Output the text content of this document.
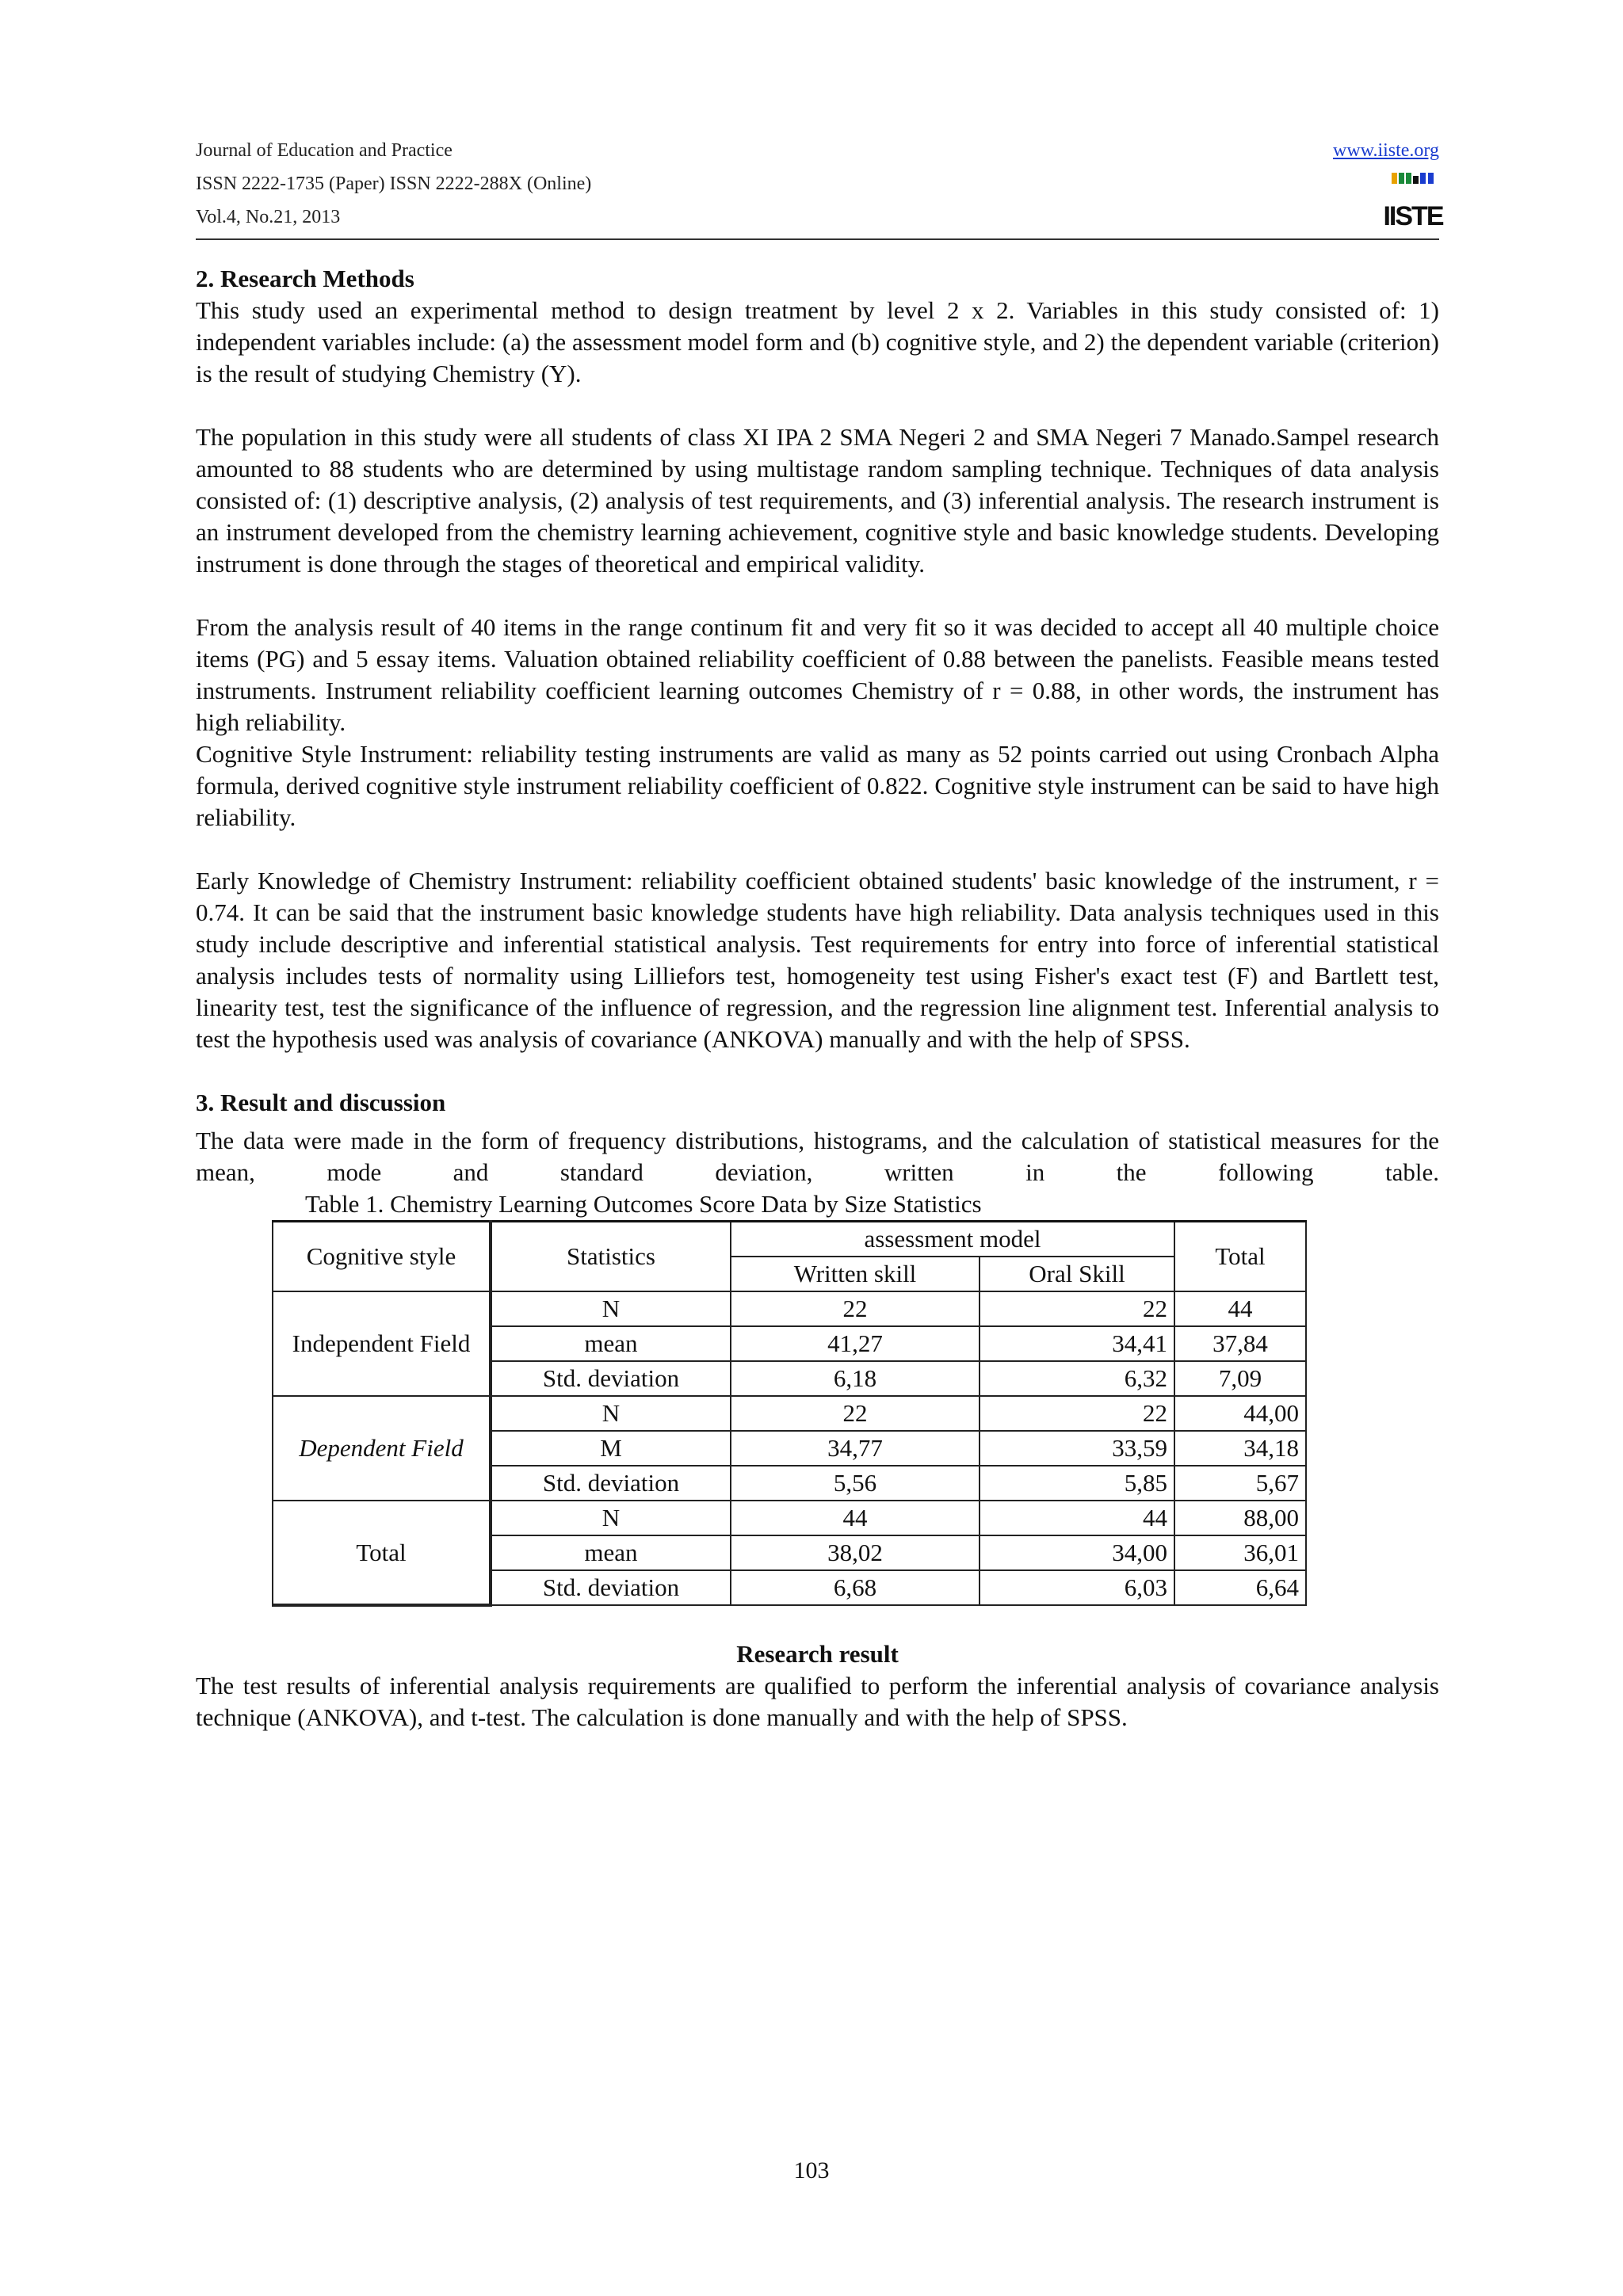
Journal of Education and Practice
ISSN 2222-1735 (Paper) ISSN 2222-288X (Online)
Vol.4, No.21, 2013
www.iiste.org
IISTE

2. Research Methods

This study used an experimental method to design treatment by level 2 x 2. Variables in this study consisted of: 1) independent variables include: (a) the assessment model form and (b) cognitive style, and 2) the dependent variable (criterion) is the result of studying Chemistry (Y).

The population in this study were all students of class XI IPA 2 SMA Negeri 2 and SMA Negeri 7 Manado.Sampel research amounted to 88 students who are determined by using multistage random sampling technique. Techniques of data analysis consisted of: (1) descriptive analysis, (2) analysis of test requirements, and (3) inferential analysis. The research instrument is an instrument developed from the chemistry learning achievement, cognitive style and basic knowledge students. Developing instrument is done through the stages of theoretical and empirical validity.

From the analysis result of 40 items in the range continum fit and very fit so it was decided to accept all 40 multiple choice items (PG) and 5 essay items. Valuation obtained reliability coefficient of 0.88 between the panelists. Feasible means tested instruments. Instrument reliability coefficient learning outcomes Chemistry of r = 0.88, in other words, the instrument has high reliability.

Cognitive Style Instrument: reliability testing instruments are valid as many as 52 points carried out using Cronbach Alpha formula, derived cognitive style instrument reliability coefficient of 0.822. Cognitive style instrument can be said to have high reliability.

Early Knowledge of Chemistry Instrument: reliability coefficient obtained students' basic knowledge of the instrument, r = 0.74. It can be said that the instrument basic knowledge students have high reliability. Data analysis techniques used in this study include descriptive and inferential statistical analysis. Test requirements for entry into force of inferential statistical analysis includes tests of normality using Lilliefors test, homogeneity test using Fisher's exact test (F) and Bartlett test, linearity test, test the significance of the influence of regression, and the regression line alignment test. Inferential analysis to test the hypothesis used was analysis of covariance (ANKOVA) manually and with the help of SPSS.

3. Result and discussion

The data were made in the form of frequency distributions, histograms, and the calculation of statistical measures for the mean, mode and standard deviation, written in the following table.

Table 1. Chemistry Learning Outcomes Score Data by Size Statistics

Cognitive style	Statistics	assessment model		Total
		Written skill	Oral Skill	
Independent Field	N	22	22	44
	mean	41,27	34,41	37,84
	Std. deviation	6,18	6,32	7,09
Dependent Field	N	22	22	44,00
	M	34,77	33,59	34,18
	Std. deviation	5,56	5,85	5,67
Total	N	44	44	88,00
	mean	38,02	34,00	36,01
	Std. deviation	6,68	6,03	6,64

Research result

The test results of inferential analysis requirements are qualified to perform the inferential analysis of covariance analysis technique (ANKOVA), and t-test. The calculation is done manually and with the help of SPSS.

103
